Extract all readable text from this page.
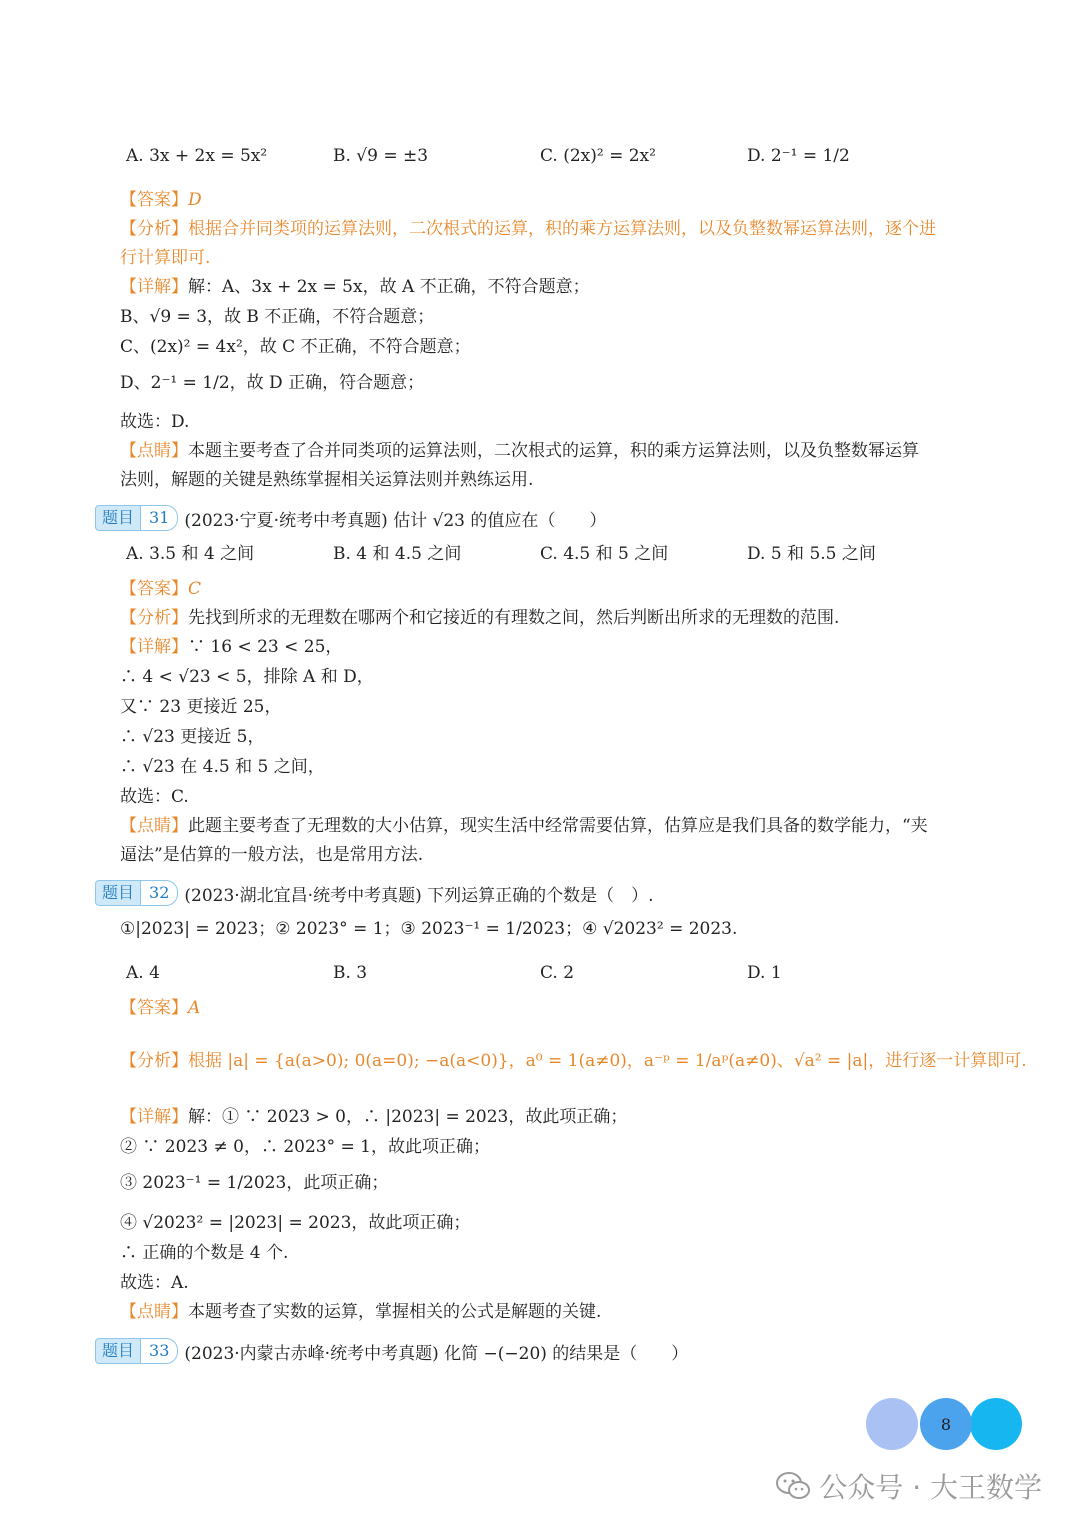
A. 3x + 2x = 5x²	B. √9 = ±3	C. (2x)² = 2x²	D. 2⁻¹ = 1/2
【答案】D
【分析】根据合并同类项的运算法则，二次根式的运算，积的乘方运算法则，以及负整数幂运算法则，逐个进
行计算即可.
【详解】解：A、3x + 2x = 5x，故 A 不正确，不符合题意；
B、√9 = 3，故 B 不正确，不符合题意；
C、(2x)² = 4x²，故 C 不正确，不符合题意；
D、2⁻¹ = 1/2，故 D 正确，符合题意；
故选：D.
【点睛】本题主要考查了合并同类项的运算法则，二次根式的运算，积的乘方运算法则，以及负整数幂运算
法则，解题的关键是熟练掌握相关运算法则并熟练运用.
题目 31 (2023·宁夏·统考中考真题) 估计 √23 的值应在（　　）
A. 3.5 和 4 之间	B. 4 和 4.5 之间	C. 4.5 和 5 之间	D. 5 和 5.5 之间
【答案】C
【分析】先找到所求的无理数在哪两个和它接近的有理数之间，然后判断出所求的无理数的范围.
【详解】∵ 16 < 23 < 25，
∴ 4 < √23 < 5，排除 A 和 D，
又∵ 23 更接近 25，
∴ √23 更接近 5，
∴ √23 在 4.5 和 5 之间，
故选：C.
【点睛】此题主要考查了无理数的大小估算，现实生活中经常需要估算，估算应是我们具备的数学能力，“夹
逼法”是估算的一般方法，也是常用方法.
题目 32 (2023·湖北宜昌·统考中考真题) 下列运算正确的个数是（　）.
①|2023| = 2023；② 2023° = 1；③ 2023⁻¹ = 1/2023；④ √2023² = 2023.
A. 4	B. 3	C. 2	D. 1
【答案】A
【分析】根据 |a| = {a(a>0); 0(a=0); −a(a<0)}，a⁰ = 1(a≠0)，a⁻ᵖ = 1/aᵖ(a≠0)、√a² = |a|，进行逐一计算即可.
【详解】解：① ∵ 2023 > 0，∴ |2023| = 2023，故此项正确；
② ∵ 2023 ≠ 0，∴ 2023° = 1，故此项正确；
③ 2023⁻¹ = 1/2023，此项正确；
④ √2023² = |2023| = 2023，故此项正确；
∴ 正确的个数是 4 个.
故选：A.
【点睛】本题考查了实数的运算，掌握相关的公式是解题的关键.
题目 33 (2023·内蒙古赤峰·统考中考真题) 化简 −(−20) 的结果是（　　）
8
公众号 · 大王数学
